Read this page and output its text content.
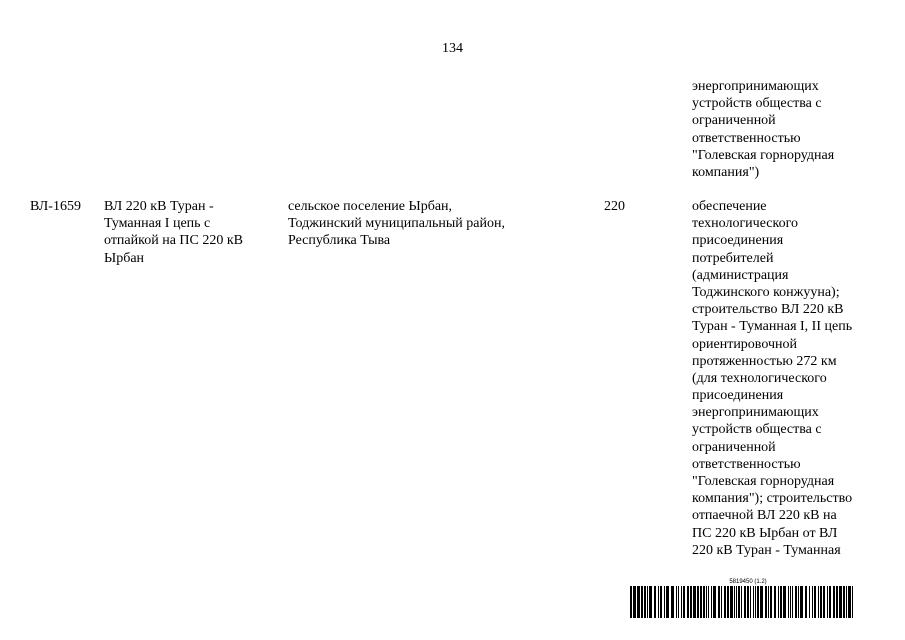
134
энергопринимающих
устройств общества с
ограниченной
ответственностью
"Голевская горнорудная
компания")
ВЛ-1659 ВЛ 220 кВ Туран -
Туманная I цепь с
отпайкой на ПС 220 кВ
Ырбан
сельское поселение Ырбан,
Тоджинский муниципальный район,
Республика Тыва
220	обеспечение
технологического
присоединения
потребителей
(администрация
Тоджинского конжууна);
строительство ВЛ 220 кВ
Туран - Туманная I, II цепь
ориентировочной
протяженностью 272 км
(для технологического
присоединения
энергопринимающих
устройств общества с
ограниченной
ответственностью
"Голевская горнорудная
компания"); строительство
отпаечной ВЛ 220 кВ на
ПС 220 кВ Ырбан от ВЛ
220 кВ Туран - Туманная
5819450 (1.2)
